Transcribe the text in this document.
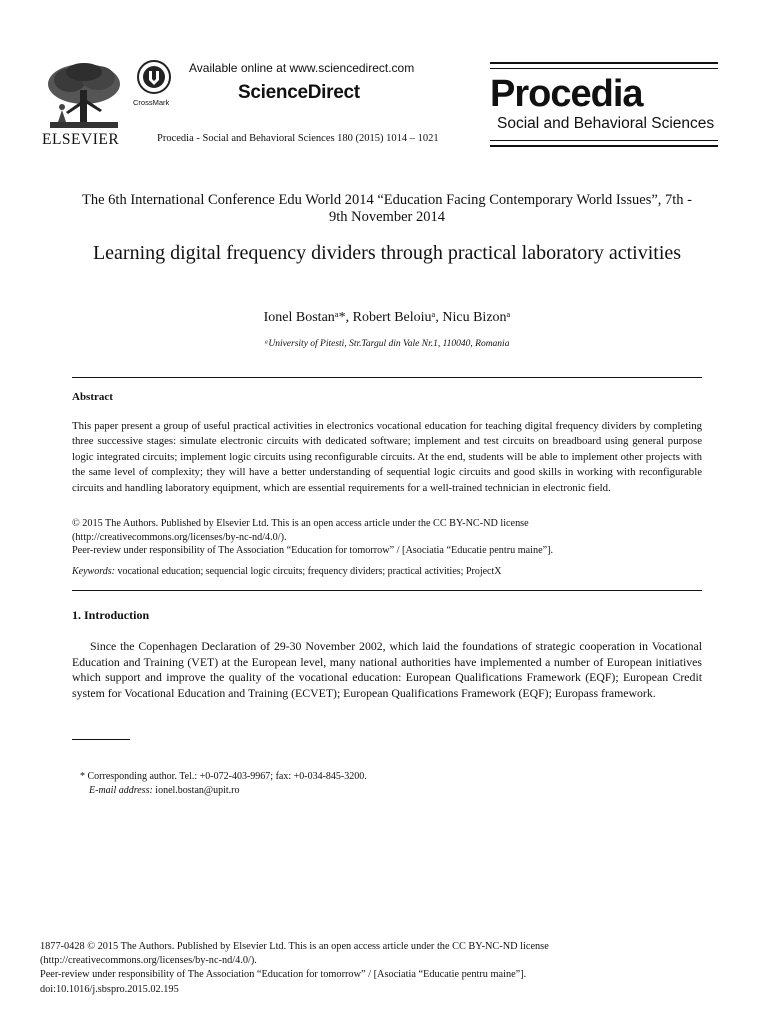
ELSEVIER
CrossMark
Available online at www.sciencedirect.com
ScienceDirect
Procedia - Social and Behavioral Sciences 180 (2015) 1014 – 1021
Procedia
Social and Behavioral Sciences
The 6th International Conference Edu World 2014 “Education Facing Contemporary World Issues”, 7th - 9th November 2014
Learning digital frequency dividers through practical laboratory activities
Ionel Bostanᵃ*, Robert Beloiuᵃ, Nicu Bizonᵃ
ᵃUniversity of Pitesti, Str.Targul din Vale Nr.1, 110040, Romania
Abstract

This paper present a group of useful practical activities in electronics vocational education for teaching digital frequency dividers by completing three successive stages: simulate electronic circuits with dedicated software; implement and test circuits on breadboard using general purpose logic integrated circuits; implement logic circuits using reconfigurable circuits. At the end, students will be able to implement other projects with the same level of complexity; they will have a better understanding of sequential logic circuits and good skills in working with reconfigurable circuits and handling laboratory equipment, which are essential requirements for a well-trained technician in electronic field.

© 2015 The Authors. Published by Elsevier Ltd. This is an open access article under the CC BY-NC-ND license
(http://creativecommons.org/licenses/by-nc-nd/4.0/).
Peer-review under responsibility of The Association “Education for tomorrow” / [Asociatia “Educatie pentru maine”].
Keywords: vocational education; sequencial logic circuits; frequency dividers; practical activities; ProjectX
1. Introduction

Since the Copenhagen Declaration of 29-30 November 2002, which laid the foundations of strategic cooperation in Vocational Education and Training (VET) at the European level, many national authorities have implemented a number of European initiatives which support and improve the quality of the vocational education: European Qualifications Framework (EQF); European Credit system for Vocational Education and Training (ECVET); European Qualifications Framework (EQF); Europass framework.

* Corresponding author. Tel.: +0-072-403-9967; fax: +0-034-845-3200.
E-mail address: ionel.bostan@upit.ro
1877-0428 © 2015 The Authors. Published by Elsevier Ltd. This is an open access article under the CC BY-NC-ND license
(http://creativecommons.org/licenses/by-nc-nd/4.0/).
Peer-review under responsibility of The Association “Education for tomorrow” / [Asociatia “Educatie pentru maine”].
doi:10.1016/j.sbspro.2015.02.195
